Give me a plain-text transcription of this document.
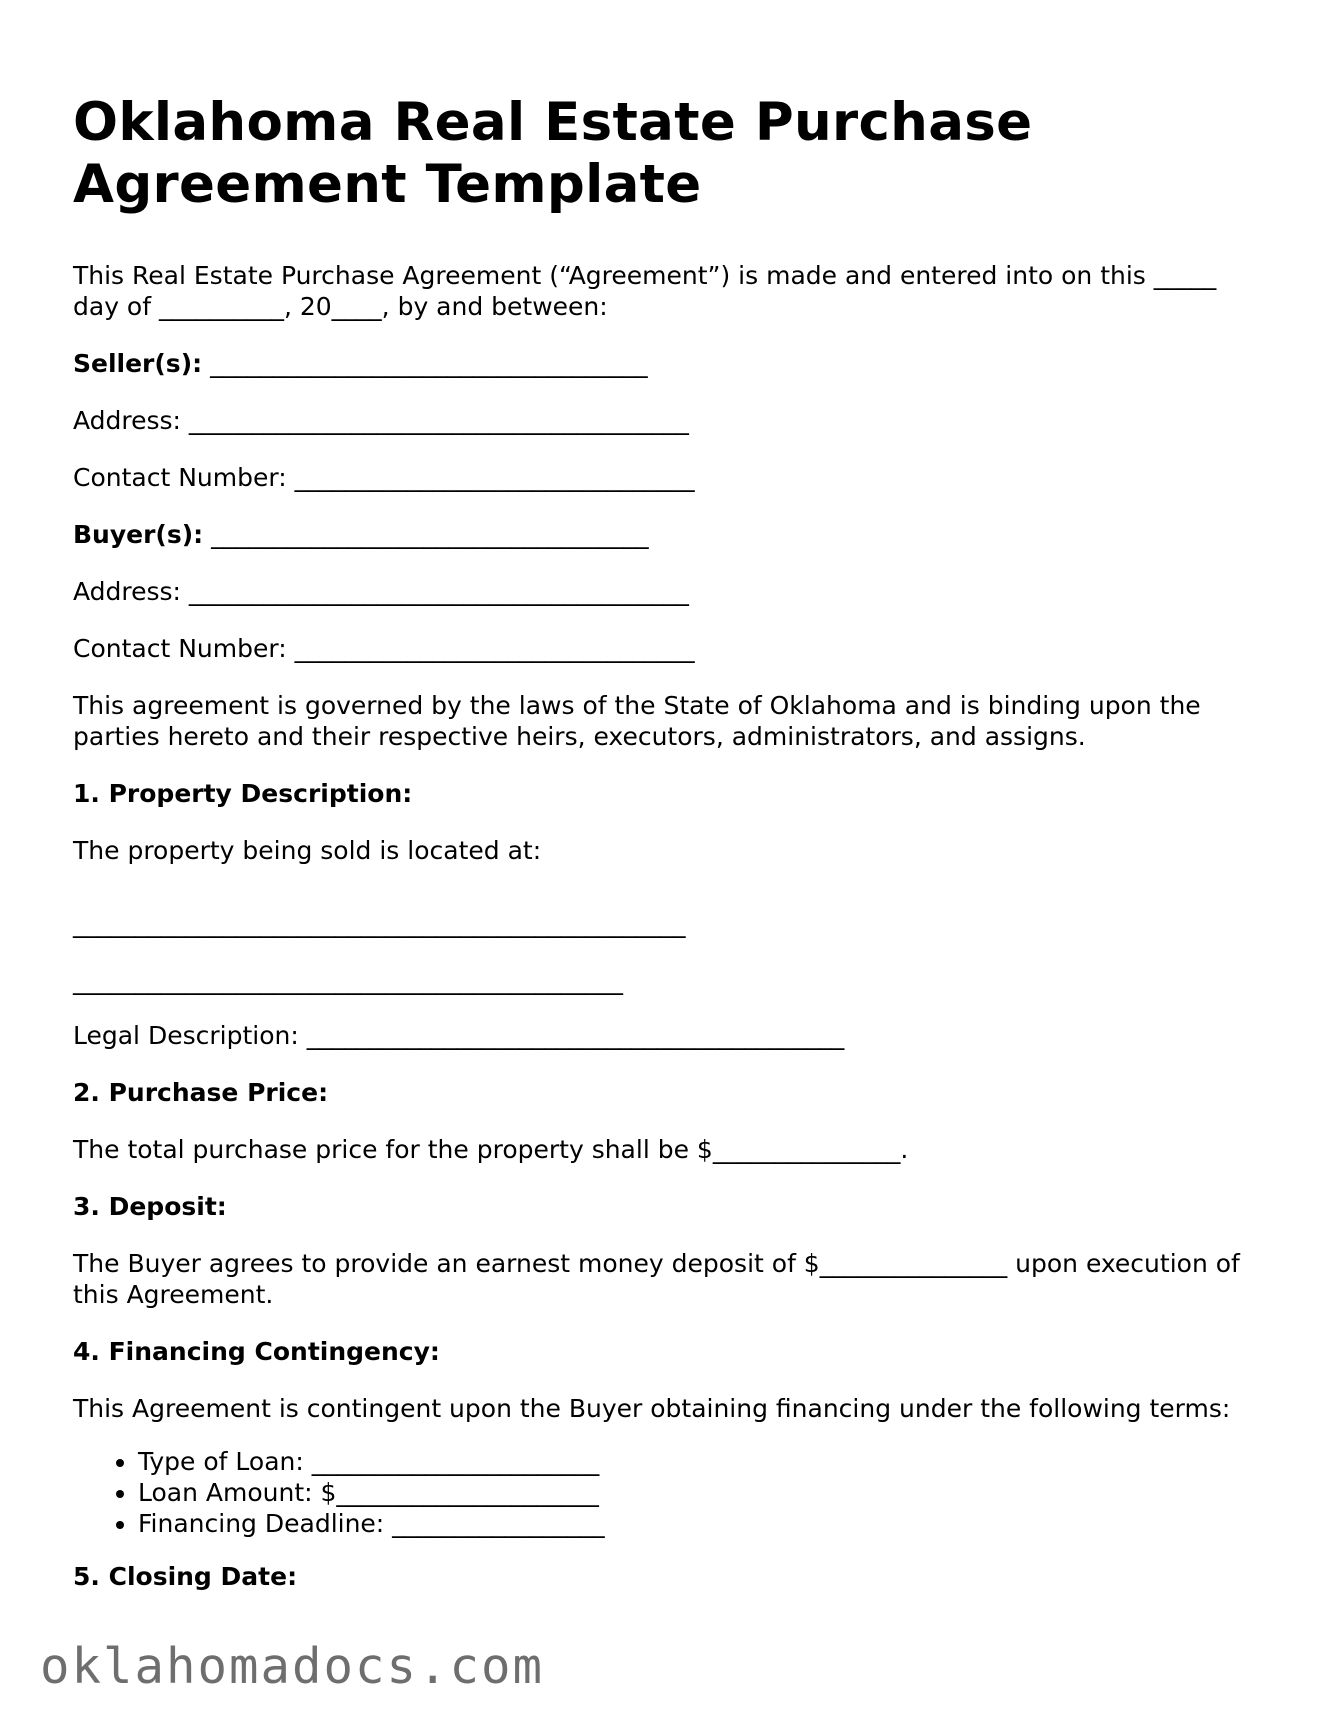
Oklahoma Real Estate Purchase Agreement Template

This Real Estate Purchase Agreement (“Agreement”) is made and entered into on this _____ day of __________, 20____, by and between:

Seller(s): ___________________________________

Address: ________________________________________

Contact Number: ________________________________

Buyer(s): ___________________________________

Address: ________________________________________

Contact Number: ________________________________

This agreement is governed by the laws of the State of Oklahoma and is binding upon the parties hereto and their respective heirs, executors, administrators, and assigns.

1. Property Description:

The property being sold is located at:

_________________________________________________

____________________________________________

Legal Description: ___________________________________________

2. Purchase Price:

The total purchase price for the property shall be $_______________.

3. Deposit:

The Buyer agrees to provide an earnest money deposit of $_______________ upon execution of this Agreement.

4. Financing Contingency:

This Agreement is contingent upon the Buyer obtaining financing under the following terms:

• Type of Loan: _______________________
• Loan Amount: $_____________________
• Financing Deadline: _________________

5. Closing Date:

oklahomadocs.com
